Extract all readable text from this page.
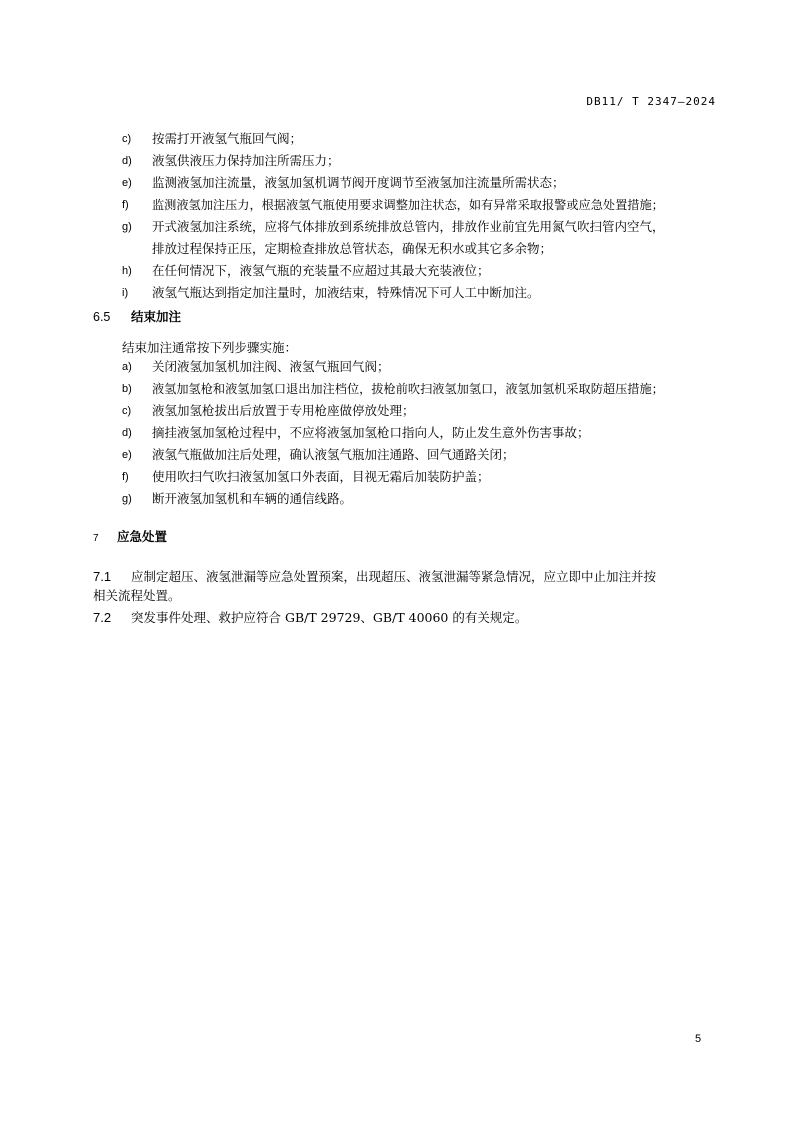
DB11/ T 2347—2024
c) 按需打开液氢气瓶回气阀；
d) 液氢供液压力保持加注所需压力；
e) 监测液氢加注流量，液氢加氢机调节阀开度调节至液氢加注流量所需状态；
f) 监测液氢加注压力，根据液氢气瓶使用要求调整加注状态，如有异常采取报警或应急处置措施；
g) 开式液氢加注系统，应将气体排放到系统排放总管内，排放作业前宜先用氮气吹扫管内空气，
排放过程保持正压，定期检查排放总管状态，确保无积水或其它多余物；
h) 在任何情况下，液氢气瓶的充装量不应超过其最大充装液位；
i) 液氢气瓶达到指定加注量时，加液结束，特殊情况下可人工中断加注。
6.5 结束加注
结束加注通常按下列步骤实施：
a) 关闭液氢加氢机加注阀、液氢气瓶回气阀；
b) 液氢加氢枪和液氢加氢口退出加注档位，拔枪前吹扫液氢加氢口，液氢加氢机采取防超压措施；
c) 液氢加氢枪拔出后放置于专用枪座做停放处理；
d) 摘挂液氢加氢枪过程中，不应将液氢加氢枪口指向人，防止发生意外伤害事故；
e) 液氢气瓶做加注后处理，确认液氢气瓶加注通路、回气通路关闭；
f) 使用吹扫气吹扫液氢加氢口外表面，目视无霜后加装防护盖；
g) 断开液氢加氢机和车辆的通信线路。
7 应急处置
7.1 应制定超压、液氢泄漏等应急处置预案，出现超压、液氢泄漏等紧急情况，应立即中止加注并按
相关流程处置。
7.2 突发事件处理、救护应符合 GB/T 29729、GB/T 40060 的有关规定。
5
